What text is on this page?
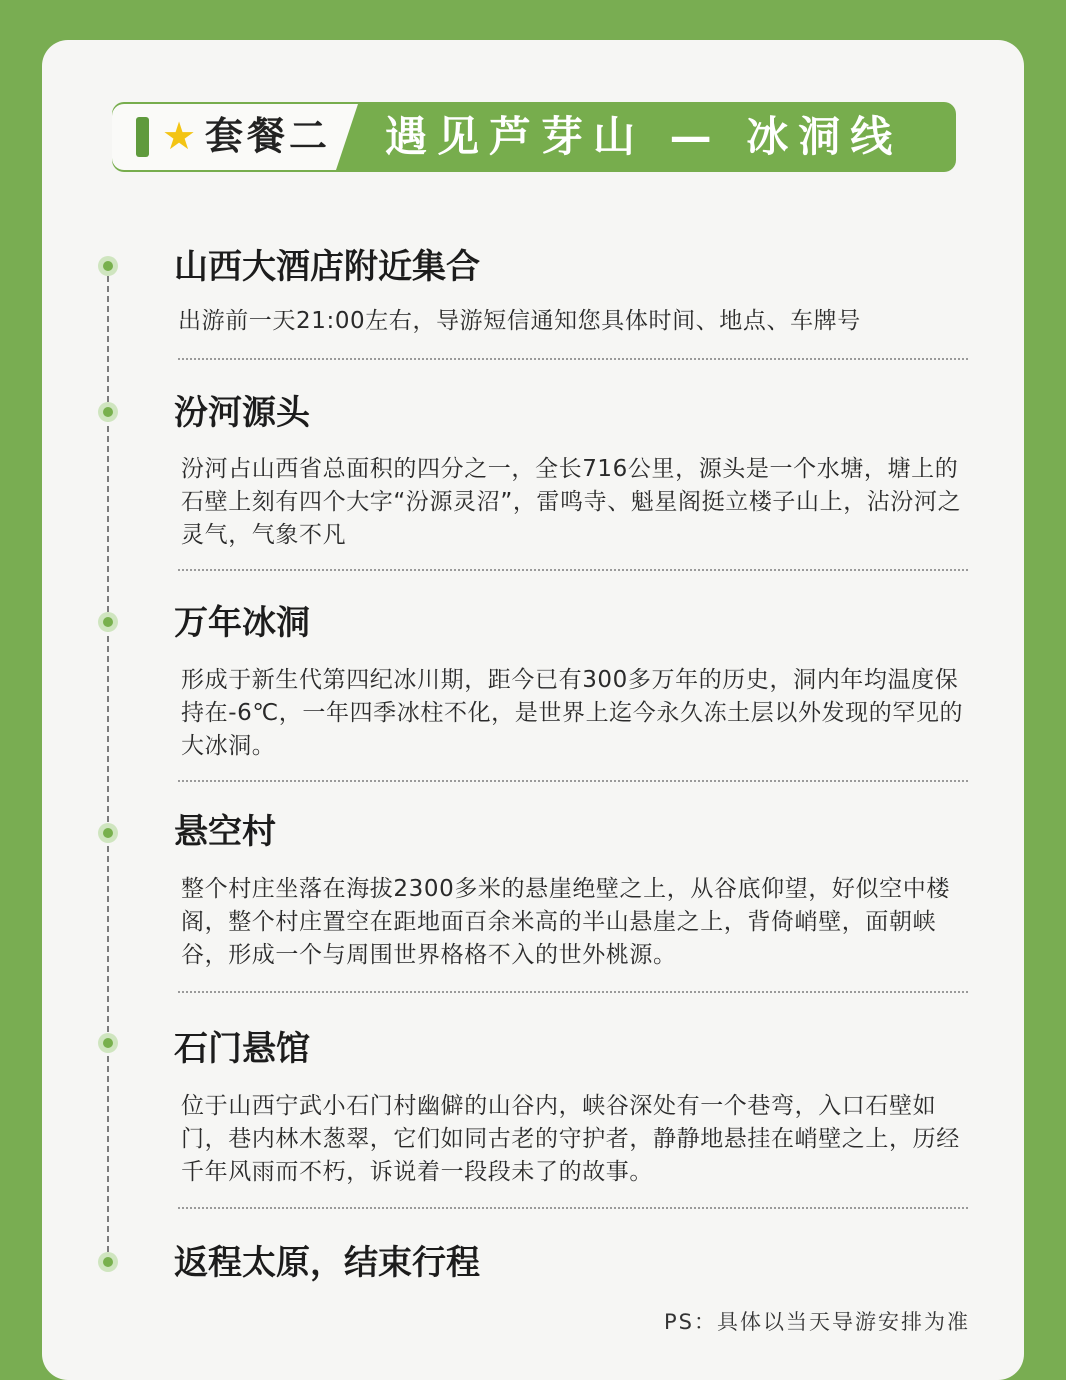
★ 套餐二 遇见芦芽山 — 冰洞线
山西大酒店附近集合
出游前一天21:00左右，导游短信通知您具体时间、地点、车牌号
汾河源头
汾河占山西省总面积的四分之一，全长716公里，源头是一个水塘，塘上的石壁上刻有四个大字“汾源灵沼”，雷鸣寺、魁星阁挺立楼子山上，沾汾河之灵气，气象不凡
万年冰洞
形成于新生代第四纪冰川期，距今已有300多万年的历史，洞内年均温度保持在-6℃，一年四季冰柱不化，是世界上迄今永久冻土层以外发现的罕见的大冰洞。
悬空村
整个村庄坐落在海拔2300多米的悬崖绝壁之上，从谷底仰望，好似空中楼阁，整个村庄置空在距地面百余米高的半山悬崖之上，背倚峭壁，面朝峡谷，形成一个与周围世界格格不入的世外桃源。
石门悬馆
位于山西宁武小石门村幽僻的山谷内，峡谷深处有一个巷弯，入口石壁如门，巷内林木葱翠，它们如同古老的守护者，静静地悬挂在峭壁之上，历经千年风雨而不朽，诉说着一段段未了的故事。
返程太原，结束行程
PS：具体以当天导游安排为准
